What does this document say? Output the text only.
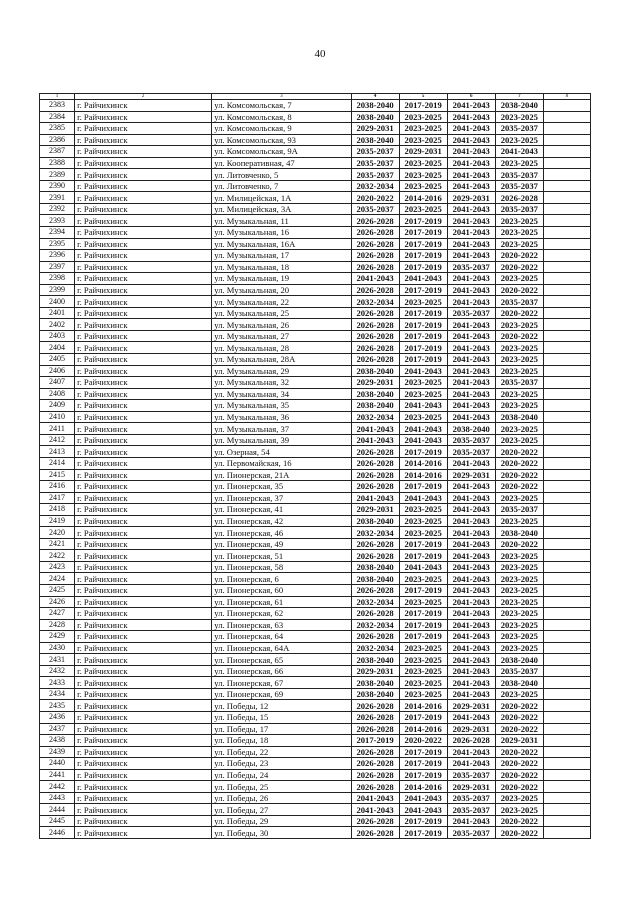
40
1	2	3	4	5	6	7	8
2383	г. Райчихинск	ул. Комсомольская, 7	2038-2040	2017-2019	2041-2043	2038-2040	
2384	г. Райчихинск	ул. Комсомольская, 8	2038-2040	2023-2025	2041-2043	2023-2025	
2385	г. Райчихинск	ул. Комсомольская, 9	2029-2031	2023-2025	2041-2043	2035-2037	
2386	г. Райчихинск	ул. Комсомольская, 93	2038-2040	2023-2025	2041-2043	2023-2025	
2387	г. Райчихинск	ул. Комсомольская, 9А	2035-2037	2029-2031	2041-2043	2041-2043	
2388	г. Райчихинск	ул. Кооперативная, 47	2035-2037	2023-2025	2041-2043	2023-2025	
2389	г. Райчихинск	ул. Литовченко, 5	2035-2037	2023-2025	2041-2043	2035-2037	
2390	г. Райчихинск	ул. Литовченко, 7	2032-2034	2023-2025	2041-2043	2035-2037	
2391	г. Райчихинск	ул. Милицейская, 1А	2020-2022	2014-2016	2029-2031	2026-2028	
2392	г. Райчихинск	ул. Милицейская, 3А	2035-2037	2023-2025	2041-2043	2035-2037	
2393	г. Райчихинск	ул. Музыкальная, 11	2026-2028	2017-2019	2041-2043	2023-2025	
2394	г. Райчихинск	ул. Музыкальная, 16	2026-2028	2017-2019	2041-2043	2023-2025	
2395	г. Райчихинск	ул. Музыкальная, 16А	2026-2028	2017-2019	2041-2043	2023-2025	
2396	г. Райчихинск	ул. Музыкальная, 17	2026-2028	2017-2019	2041-2043	2020-2022	
2397	г. Райчихинск	ул. Музыкальная, 18	2026-2028	2017-2019	2035-2037	2020-2022	
2398	г. Райчихинск	ул. Музыкальная, 19	2041-2043	2041-2043	2041-2043	2023-2025	
2399	г. Райчихинск	ул. Музыкальная, 20	2026-2028	2017-2019	2041-2043	2020-2022	
2400	г. Райчихинск	ул. Музыкальная, 22	2032-2034	2023-2025	2041-2043	2035-2037	
2401	г. Райчихинск	ул. Музыкальная, 25	2026-2028	2017-2019	2035-2037	2020-2022	
2402	г. Райчихинск	ул. Музыкальная, 26	2026-2028	2017-2019	2041-2043	2023-2025	
2403	г. Райчихинск	ул. Музыкальная, 27	2026-2028	2017-2019	2041-2043	2020-2022	
2404	г. Райчихинск	ул. Музыкальная, 28	2026-2028	2017-2019	2041-2043	2023-2025	
2405	г. Райчихинск	ул. Музыкальная, 28А	2026-2028	2017-2019	2041-2043	2023-2025	
2406	г. Райчихинск	ул. Музыкальная, 29	2038-2040	2041-2043	2041-2043	2023-2025	
2407	г. Райчихинск	ул. Музыкальная, 32	2029-2031	2023-2025	2041-2043	2035-2037	
2408	г. Райчихинск	ул. Музыкальная, 34	2038-2040	2023-2025	2041-2043	2023-2025	
2409	г. Райчихинск	ул. Музыкальная, 35	2038-2040	2041-2043	2041-2043	2023-2025	
2410	г. Райчихинск	ул. Музыкальная, 36	2032-2034	2023-2025	2041-2043	2038-2040	
2411	г. Райчихинск	ул. Музыкальная, 37	2041-2043	2041-2043	2038-2040	2023-2025	
2412	г. Райчихинск	ул. Музыкальная, 39	2041-2043	2041-2043	2035-2037	2023-2025	
2413	г. Райчихинск	ул. Озерная, 54	2026-2028	2017-2019	2035-2037	2020-2022	
2414	г. Райчихинск	ул. Первомайская, 16	2026-2028	2014-2016	2041-2043	2020-2022	
2415	г. Райчихинск	ул. Пионерская, 21А	2026-2028	2014-2016	2029-2031	2020-2022	
2416	г. Райчихинск	ул. Пионерская, 35	2026-2028	2017-2019	2041-2043	2020-2022	
2417	г. Райчихинск	ул. Пионерская, 37	2041-2043	2041-2043	2041-2043	2023-2025	
2418	г. Райчихинск	ул. Пионерская, 41	2029-2031	2023-2025	2041-2043	2035-2037	
2419	г. Райчихинск	ул. Пионерская, 42	2038-2040	2023-2025	2041-2043	2023-2025	
2420	г. Райчихинск	ул. Пионерская, 46	2032-2034	2023-2025	2041-2043	2038-2040	
2421	г. Райчихинск	ул. Пионерская, 49	2026-2028	2017-2019	2041-2043	2020-2022	
2422	г. Райчихинск	ул. Пионерская, 51	2026-2028	2017-2019	2041-2043	2023-2025	
2423	г. Райчихинск	ул. Пионерская, 58	2038-2040	2041-2043	2041-2043	2023-2025	
2424	г. Райчихинск	ул. Пионерская, 6	2038-2040	2023-2025	2041-2043	2023-2025	
2425	г. Райчихинск	ул. Пионерская, 60	2026-2028	2017-2019	2041-2043	2023-2025	
2426	г. Райчихинск	ул. Пионерская, 61	2032-2034	2023-2025	2041-2043	2023-2025	
2427	г. Райчихинск	ул. Пионерская, 62	2026-2028	2017-2019	2041-2043	2023-2025	
2428	г. Райчихинск	ул. Пионерская, 63	2032-2034	2017-2019	2041-2043	2023-2025	
2429	г. Райчихинск	ул. Пионерская, 64	2026-2028	2017-2019	2041-2043	2023-2025	
2430	г. Райчихинск	ул. Пионерская, 64А	2032-2034	2023-2025	2041-2043	2023-2025	
2431	г. Райчихинск	ул. Пионерская, 65	2038-2040	2023-2025	2041-2043	2038-2040	
2432	г. Райчихинск	ул. Пионерская, 66	2029-2031	2023-2025	2041-2043	2035-2037	
2433	г. Райчихинск	ул. Пионерская, 67	2038-2040	2023-2025	2041-2043	2038-2040	
2434	г. Райчихинск	ул. Пионерская, 69	2038-2040	2023-2025	2041-2043	2023-2025	
2435	г. Райчихинск	ул. Победы, 12	2026-2028	2014-2016	2029-2031	2020-2022	
2436	г. Райчихинск	ул. Победы, 15	2026-2028	2017-2019	2041-2043	2020-2022	
2437	г. Райчихинск	ул. Победы, 17	2026-2028	2014-2016	2029-2031	2020-2022	
2438	г. Райчихинск	ул. Победы, 18	2017-2019	2020-2022	2026-2028	2029-2031	
2439	г. Райчихинск	ул. Победы, 22	2026-2028	2017-2019	2041-2043	2020-2022	
2440	г. Райчихинск	ул. Победы, 23	2026-2028	2017-2019	2041-2043	2020-2022	
2441	г. Райчихинск	ул. Победы, 24	2026-2028	2017-2019	2035-2037	2020-2022	
2442	г. Райчихинск	ул. Победы, 25	2026-2028	2014-2016	2029-2031	2020-2022	
2443	г. Райчихинск	ул. Победы, 26	2041-2043	2041-2043	2035-2037	2023-2025	
2444	г. Райчихинск	ул. Победы, 27	2041-2043	2041-2043	2035-2037	2023-2025	
2445	г. Райчихинск	ул. Победы, 29	2026-2028	2017-2019	2041-2043	2020-2022	
2446	г. Райчихинск	ул. Победы, 30	2026-2028	2017-2019	2035-2037	2020-2022	
